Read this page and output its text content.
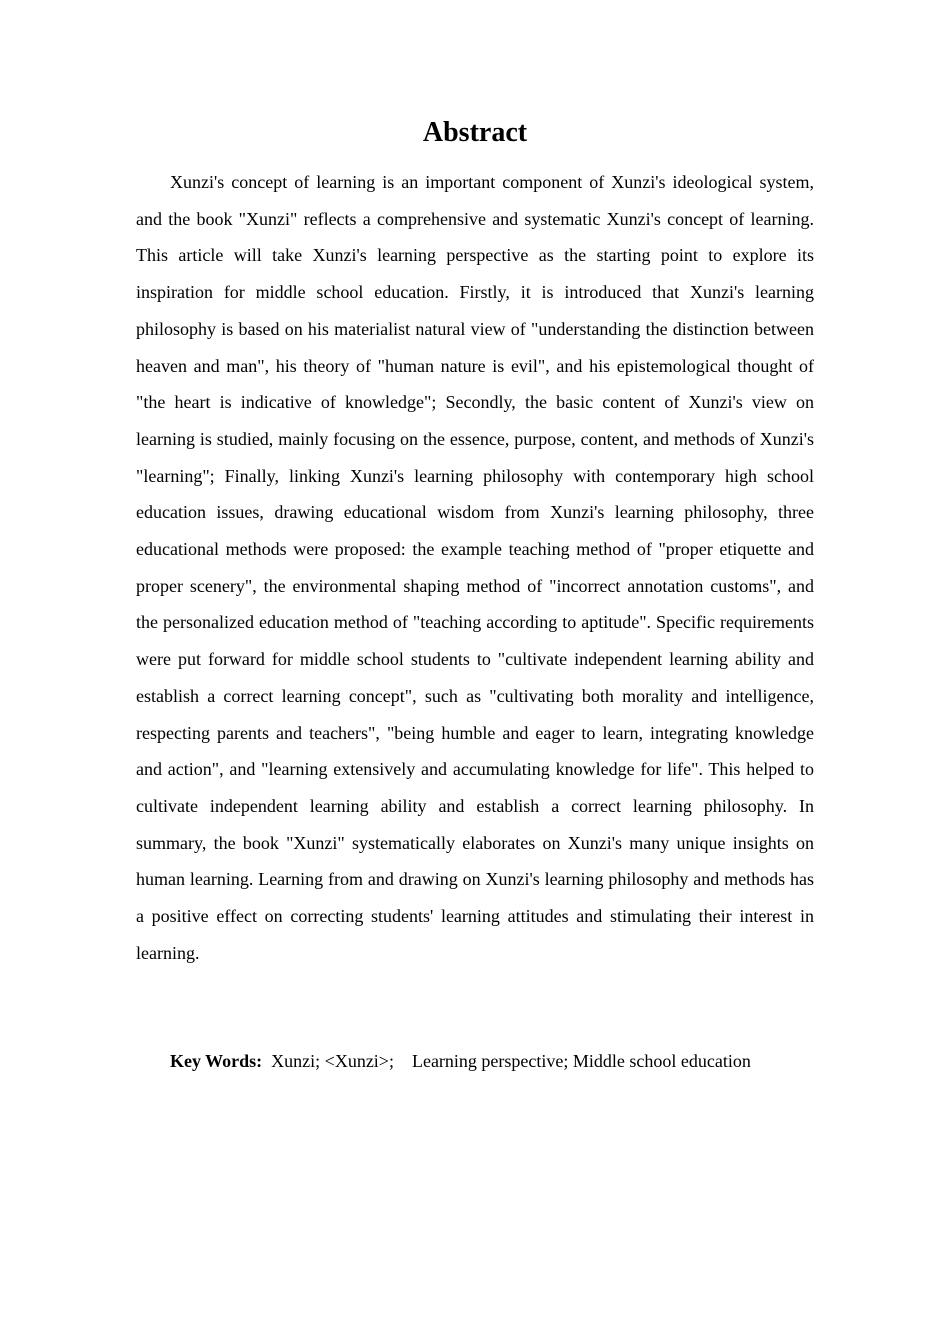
Abstract

Xunzi's concept of learning is an important component of Xunzi's ideological system, and the book "Xunzi" reflects a comprehensive and systematic Xunzi's concept of learning. This article will take Xunzi's learning perspective as the starting point to explore its inspiration for middle school education. Firstly, it is introduced that Xunzi's learning philosophy is based on his materialist natural view of "understanding the distinction between heaven and man", his theory of "human nature is evil", and his epistemological thought of "the heart is indicative of knowledge"; Secondly, the basic content of Xunzi's view on learning is studied, mainly focusing on the essence, purpose, content, and methods of Xunzi's "learning"; Finally, linking Xunzi's learning philosophy with contemporary high school education issues, drawing educational wisdom from Xunzi's learning philosophy, three educational methods were proposed: the example teaching method of "proper etiquette and proper scenery", the environmental shaping method of "incorrect annotation customs", and the personalized education method of "teaching according to aptitude". Specific requirements were put forward for middle school students to "cultivate independent learning ability and establish a correct learning concept", such as "cultivating both morality and intelligence, respecting parents and teachers", "being humble and eager to learn, integrating knowledge and action", and "learning extensively and accumulating knowledge for life". This helped to cultivate independent learning ability and establish a correct learning philosophy. In summary, the book "Xunzi" systematically elaborates on Xunzi's many unique insights on human learning. Learning from and drawing on Xunzi's learning philosophy and methods has a positive effect on correcting students' learning attitudes and stimulating their interest in learning.

Key Words: Xunzi; <Xunzi>;    Learning perspective; Middle school education
